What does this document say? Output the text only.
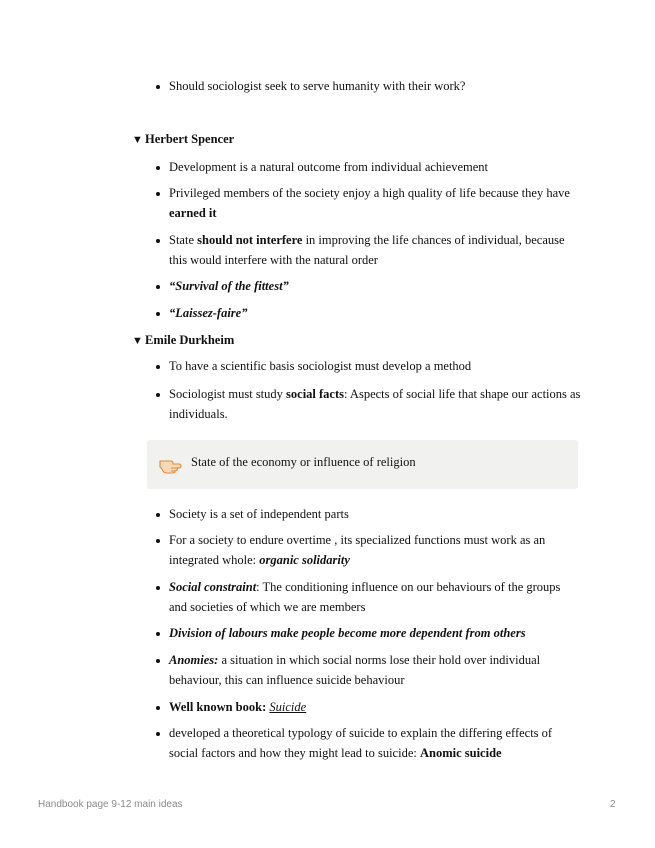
Should sociologist seek to serve humanity with their work?
▼ Herbert Spencer
Development is a natural outcome from individual achievement
Privileged members of the society enjoy a high quality of life because they have earned it
State should not interfere in improving the life chances of individual, because this would interfere with the natural order
“Survival of the fittest”
“Laissez-faire”
▼ Emile Durkheim
To have a scientific basis sociologist must develop a method
Sociologist must study social facts: Aspects of social life that shape our actions as individuals.
State of the economy or influence of religion
Society is a set of independent parts
For a society to endure overtime , its specialized functions must work as an integrated whole: organic solidarity
Social constraint: The conditioning influence on our behaviours of the groups and societies of which we are members
Division of labours make people become more dependent from others
Anomies: a situation in which social norms lose their hold over individual behaviour, this can influence suicide behaviour
Well known book: Suicide
developed a theoretical typology of suicide to explain the differing effects of social factors and how they might lead to suicide: Anomic suicide
Handbook page 9-12 main ideas	2
